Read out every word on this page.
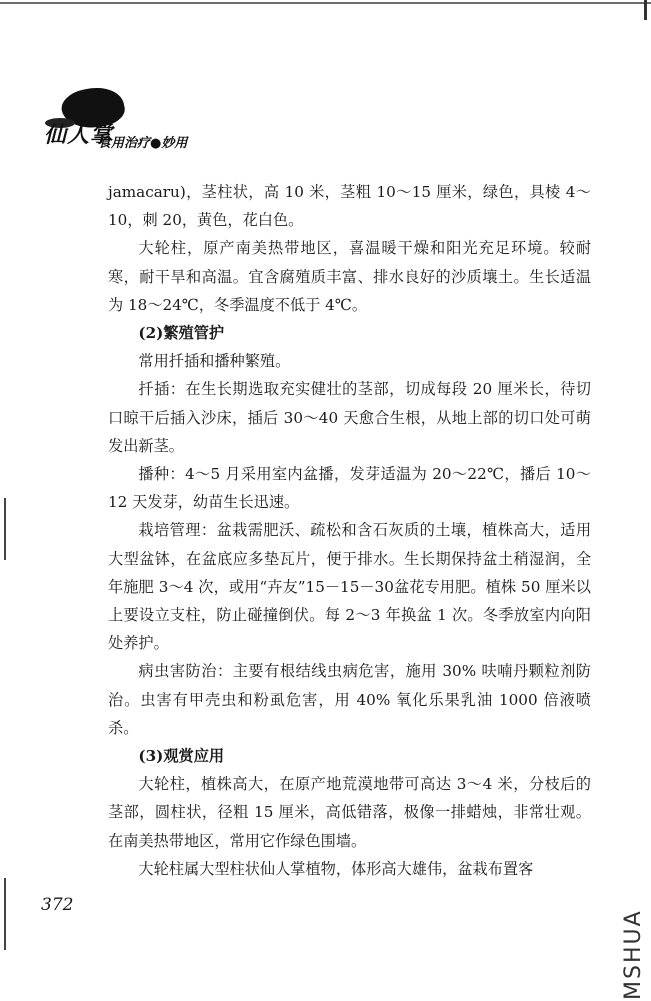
仙人掌
食用治疗●妙用

jamacaru)，茎柱状，高 10 米，茎粗 10～15 厘米，绿色，具棱 4～10，刺 20，黄色，花白色。

大轮柱，原产南美热带地区，喜温暖干燥和阳光充足环境。较耐寒，耐干旱和高温。宜含腐殖质丰富、排水良好的沙质壤土。生长适温为 18～24℃，冬季温度不低于 4℃。

(2)繁殖管护

常用扦插和播种繁殖。

扦插：在生长期选取充实健壮的茎部，切成每段 20 厘米长，待切口晾干后插入沙床，插后 30～40 天愈合生根，从地上部的切口处可萌发出新茎。

播种：4～5 月采用室内盆播，发芽适温为 20～22℃，播后 10～12 天发芽，幼苗生长迅速。

栽培管理：盆栽需肥沃、疏松和含石灰质的土壤，植株高大，适用大型盆钵，在盆底应多垫瓦片，便于排水。生长期保持盆土稍湿润，全年施肥 3～4 次，或用“卉友”15－15－30盆花专用肥。植株 50 厘米以上要设立支柱，防止碰撞倒伏。每 2～3 年换盆 1 次。冬季放室内向阳处养护。

病虫害防治：主要有根结线虫病危害，施用 30% 呋喃丹颗粒剂防治。虫害有甲壳虫和粉虱危害，用 40% 氧化乐果乳油 1000 倍液喷杀。

(3)观赏应用

大轮柱，植株高大，在原产地荒漠地带可高达 3～4 米，分枝后的茎部，圆柱状，径粗 15 厘米，高低错落，极像一排蜡烛，非常壮观。在南美热带地区，常用它作绿色围墙。

大轮柱属大型柱状仙人掌植物，体形高大雄伟，盆栽布置客

372
MSHUA
